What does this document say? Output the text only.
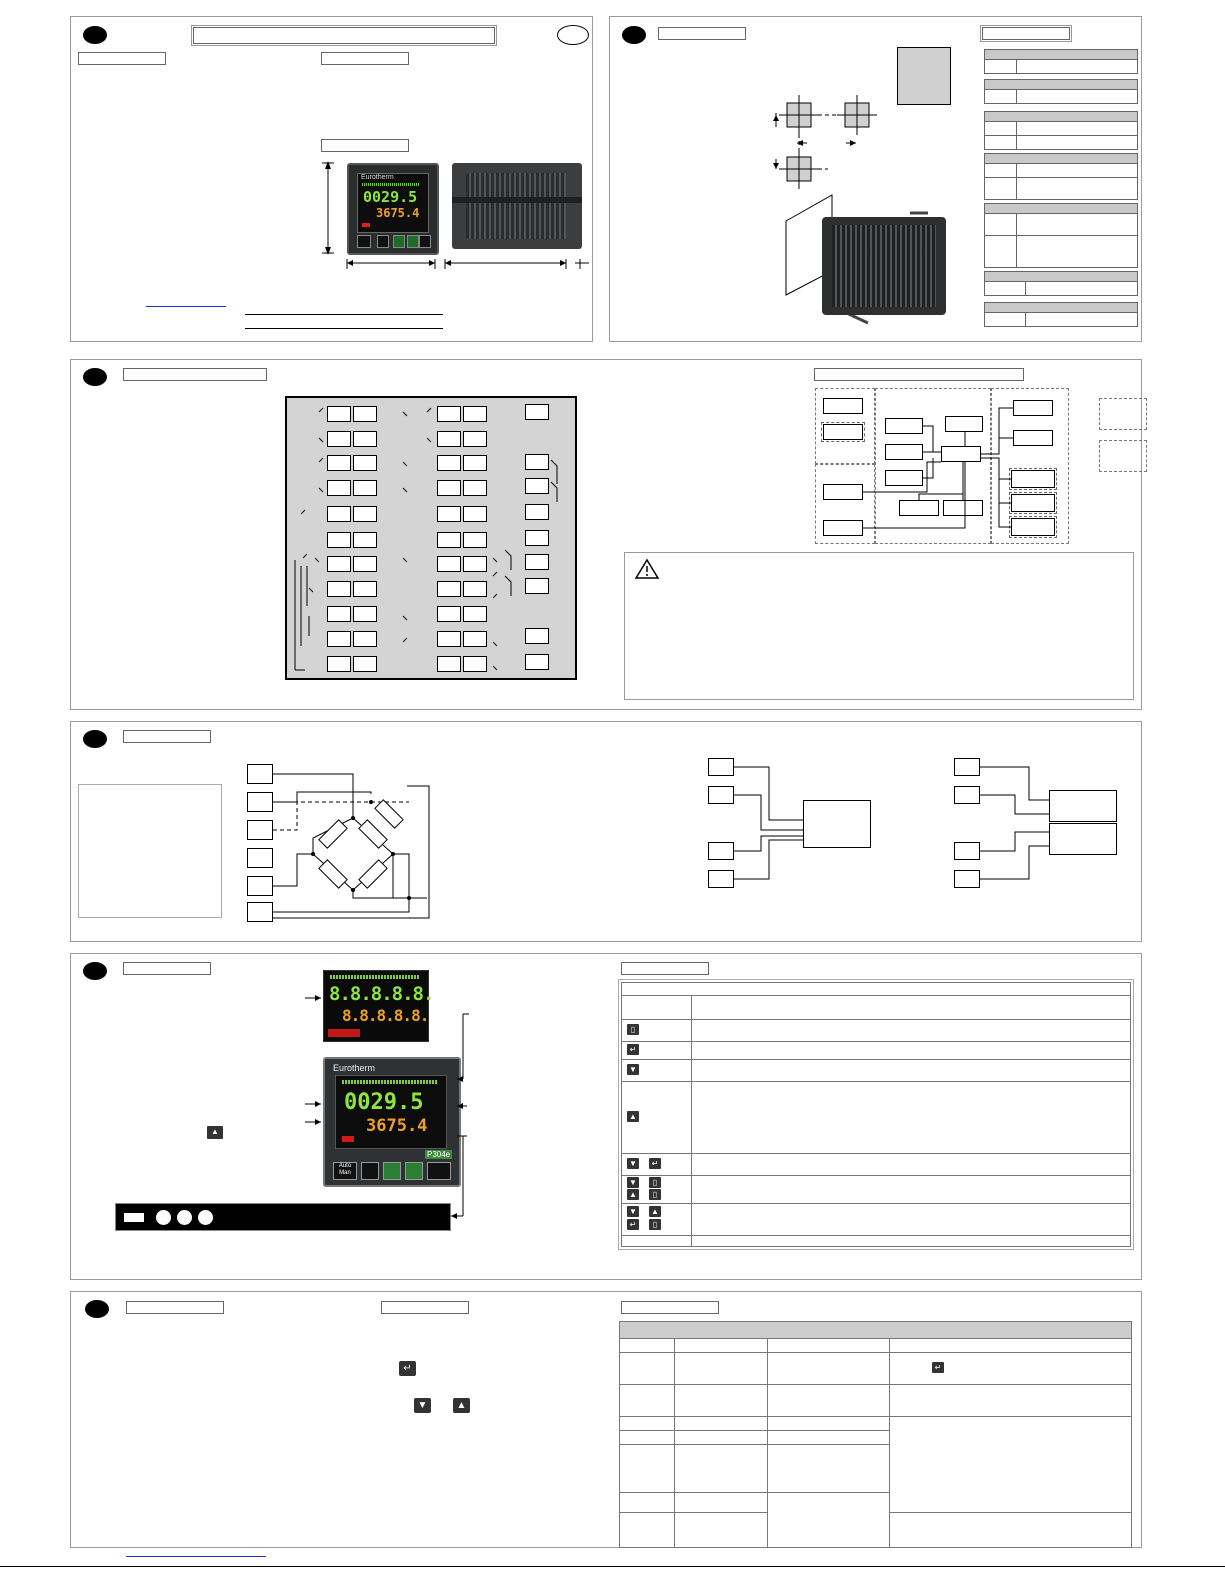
Eurotherm
0029.5
3675.4
8.8.8.8.8.
8.8.8.8.8.
Eurotherm
0029.5
3675.4
P304e
Auto
Man
▲
▯
↵
▼
▲
▼	↵
▼	▯
▲	▯
▼ ▲
↵	▯
↵
▼	▲
↵
